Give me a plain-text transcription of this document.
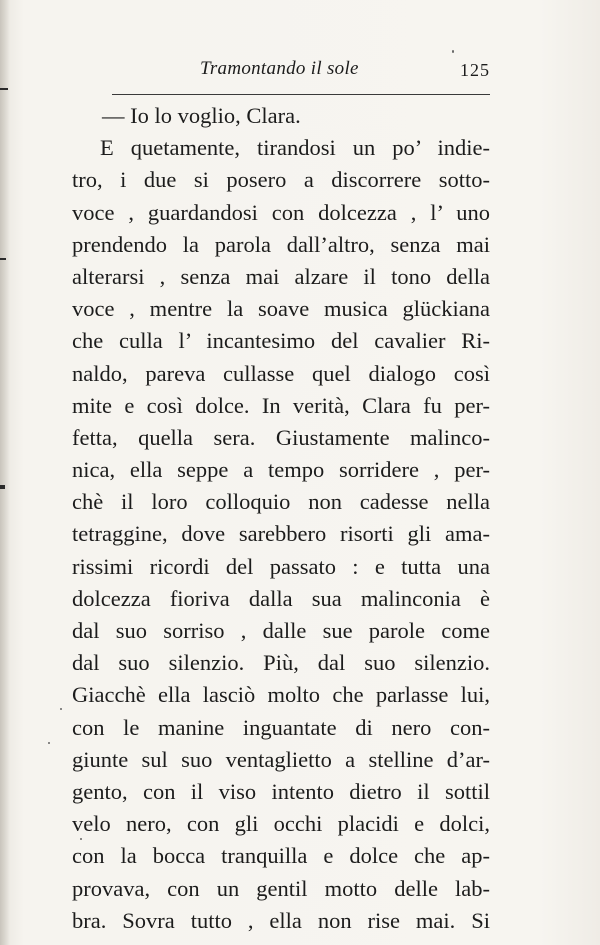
Tramontando il sole	125
— Io lo voglio, Clara.
E quetamente, tirandosi un po’ indie-
tro, i due si posero a discorrere sotto-
voce , guardandosi con dolcezza , l’ uno
prendendo la parola dall’altro, senza mai
alterarsi , senza mai alzare il tono della
voce , mentre la soave musica glückiana
che culla l’ incantesimo del cavalier Ri-
naldo, pareva cullasse quel dialogo così
mite e così dolce. In verità, Clara fu per-
fetta, quella sera. Giustamente malinco-
nica, ella seppe a tempo sorridere , per-
chè il loro colloquio non cadesse nella
tetraggine, dove sarebbero risorti gli ama-
rissimi ricordi del passato : e tutta una
dolcezza fioriva dalla sua malinconia è
dal suo sorriso , dalle sue parole come
dal suo silenzio. Più, dal suo silenzio.
Giacchè ella lasciò molto che parlasse lui,
con le manine inguantate di nero con-
giunte sul suo ventaglietto a stelline d’ar-
gento, con il viso intento dietro il sottil
velo nero, con gli occhi placidi e dolci,
con la bocca tranquilla e dolce che ap-
provava, con un gentil motto delle lab-
bra. Sovra tutto , ella non rise mai. Si
